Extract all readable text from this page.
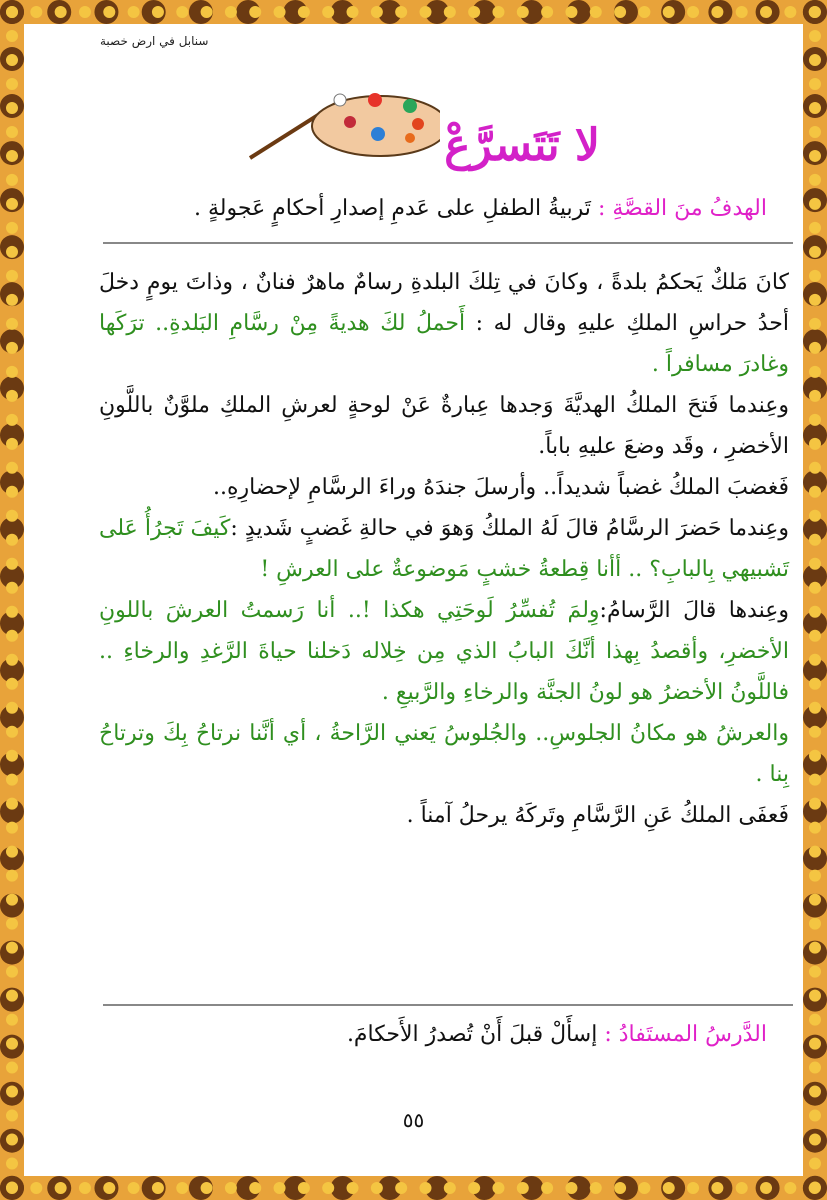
سنابل في ارض خصبة
لا تَتَسرَّعْ
الهدفُ منَ القصَّةِ : تَربيةُ الطفلِ على عَدمِ إصدارِ أحكامٍ عَجولةٍ .

كانَ مَلكٌ يَحكمُ بلدةً ، وكانَ في تِلكَ البلدةِ رسامٌ ماهرٌ فنانٌ ، وذاتَ يومٍ دخلَ أحدُ حراسِ الملكِ عليهِ وقال له : أَحملُ لكَ هديةً مِنْ رسَّامِ البَلدةِ.. ترَكَها وغادرَ مسافراً .

وعِندما فَتحَ الملكُ الهديَّةَ وَجدها عِبارةٌ عَنْ لوحةٍ لعرشِ الملكِ ملوَّنٌ باللَّونِ الأخضرِ ، وقَد وضعَ عليهِ باباً.

فَغضبَ الملكُ غضباً شديداً.. وأرسلَ جندَهُ وراءَ الرسَّامِ لإحضارِهِ..

وعِندما حَضرَ الرسَّامُ قالَ لَهُ الملكُ وَهوَ في حالةِ غَضبٍ شَديدٍ :كَيفَ تَجرُأُ عَلى تَشبيهي بِالبابِ؟ .. أأنا قِطعةُ خشبٍ مَوضوعةٌ على العرشِ !

وعِندها قالَ الرَّسامُ:وِلمَ تُفسِّرُ لَوحَتِي هكذا !.. أنا رَسمتُ العرشَ باللونِ الأخضرِ، وأقصدُ بِهذا أنَّكَ البابُ الذي مِن خِلاله دَخلنا حياةَ الرَّغدِ والرخاءِ .. فاللَّونُ الأخضرُ هو لونُ الجنَّة والرخاءِ والرَّبيعِ .

والعرشُ هو مكانُ الجلوسِ.. والجُلوسُ يَعني الرَّاحةُ ، أي أنَّنا نرتاحُ بِكَ وترتاحُ بِنا .

فَعفَى الملكُ عَنِ الرَّسَّامِ وتَركَهُ يرحلُ آمناً .

الدَّرسُ المستَفادُ : إسأَلْ قبلَ أَنْ تُصدرُ الأَحكامَ.
٥٥
